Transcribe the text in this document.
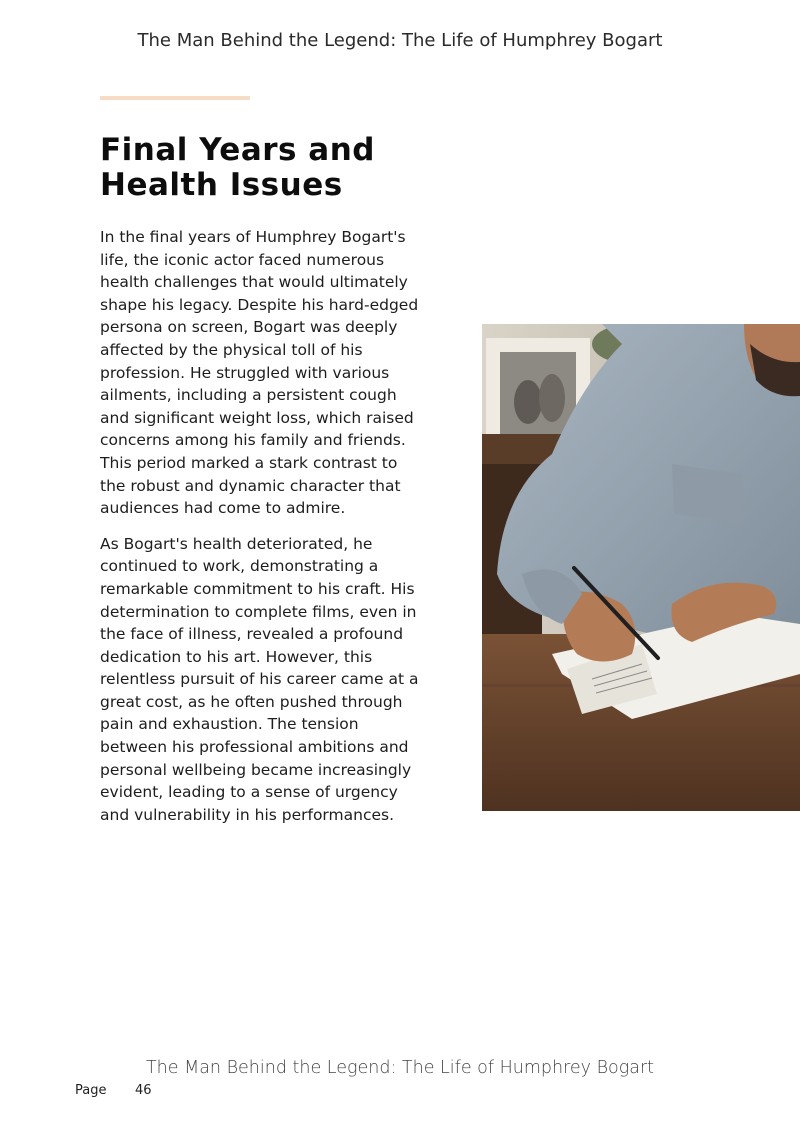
The Man Behind the Legend: The Life of Humphrey Bogart
Final Years and Health Issues

In the final years of Humphrey Bogart's life, the iconic actor faced numerous health challenges that would ultimately shape his legacy. Despite his hard-edged persona on screen, Bogart was deeply affected by the physical toll of his profession. He struggled with various ailments, including a persistent cough and significant weight loss, which raised concerns among his family and friends. This period marked a stark contrast to the robust and dynamic character that audiences had come to admire.

As Bogart's health deteriorated, he continued to work, demonstrating a remarkable commitment to his craft. His determination to complete films, even in the face of illness, revealed a profound dedication to his art. However, this relentless pursuit of his career came at a great cost, as he often pushed through pain and exhaustion. The tension between his professional ambitions and personal wellbeing became increasingly evident, leading to a sense of urgency and vulnerability in his performances.

The Man Behind the Legend: The Life of Humphrey Bogart
Page 46
